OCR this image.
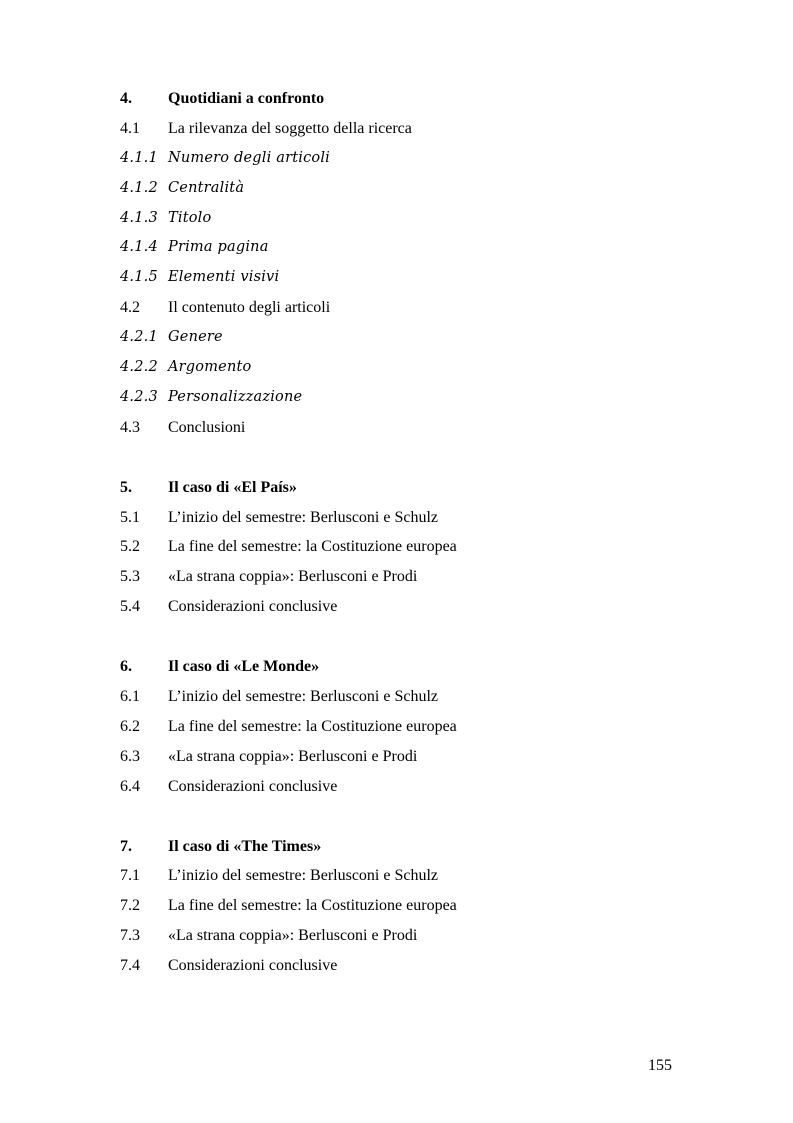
4. Quotidiani a confronto
4.1 La rilevanza del soggetto della ricerca
4.1.1 Numero degli articoli
4.1.2 Centralità
4.1.3 Titolo
4.1.4 Prima pagina
4.1.5 Elementi visivi
4.2 Il contenuto degli articoli
4.2.1 Genere
4.2.2 Argomento
4.2.3 Personalizzazione
4.3 Conclusioni
5. Il caso di «El País»
5.1 L’inizio del semestre: Berlusconi e Schulz
5.2 La fine del semestre: la Costituzione europea
5.3 «La strana coppia»: Berlusconi e Prodi
5.4 Considerazioni conclusive
6. Il caso di «Le Monde»
6.1 L’inizio del semestre: Berlusconi e Schulz
6.2 La fine del semestre: la Costituzione europea
6.3 «La strana coppia»: Berlusconi e Prodi
6.4 Considerazioni conclusive
7. Il caso di «The Times»
7.1 L’inizio del semestre: Berlusconi e Schulz
7.2 La fine del semestre: la Costituzione europea
7.3 «La strana coppia»: Berlusconi e Prodi
7.4 Considerazioni conclusive
155
